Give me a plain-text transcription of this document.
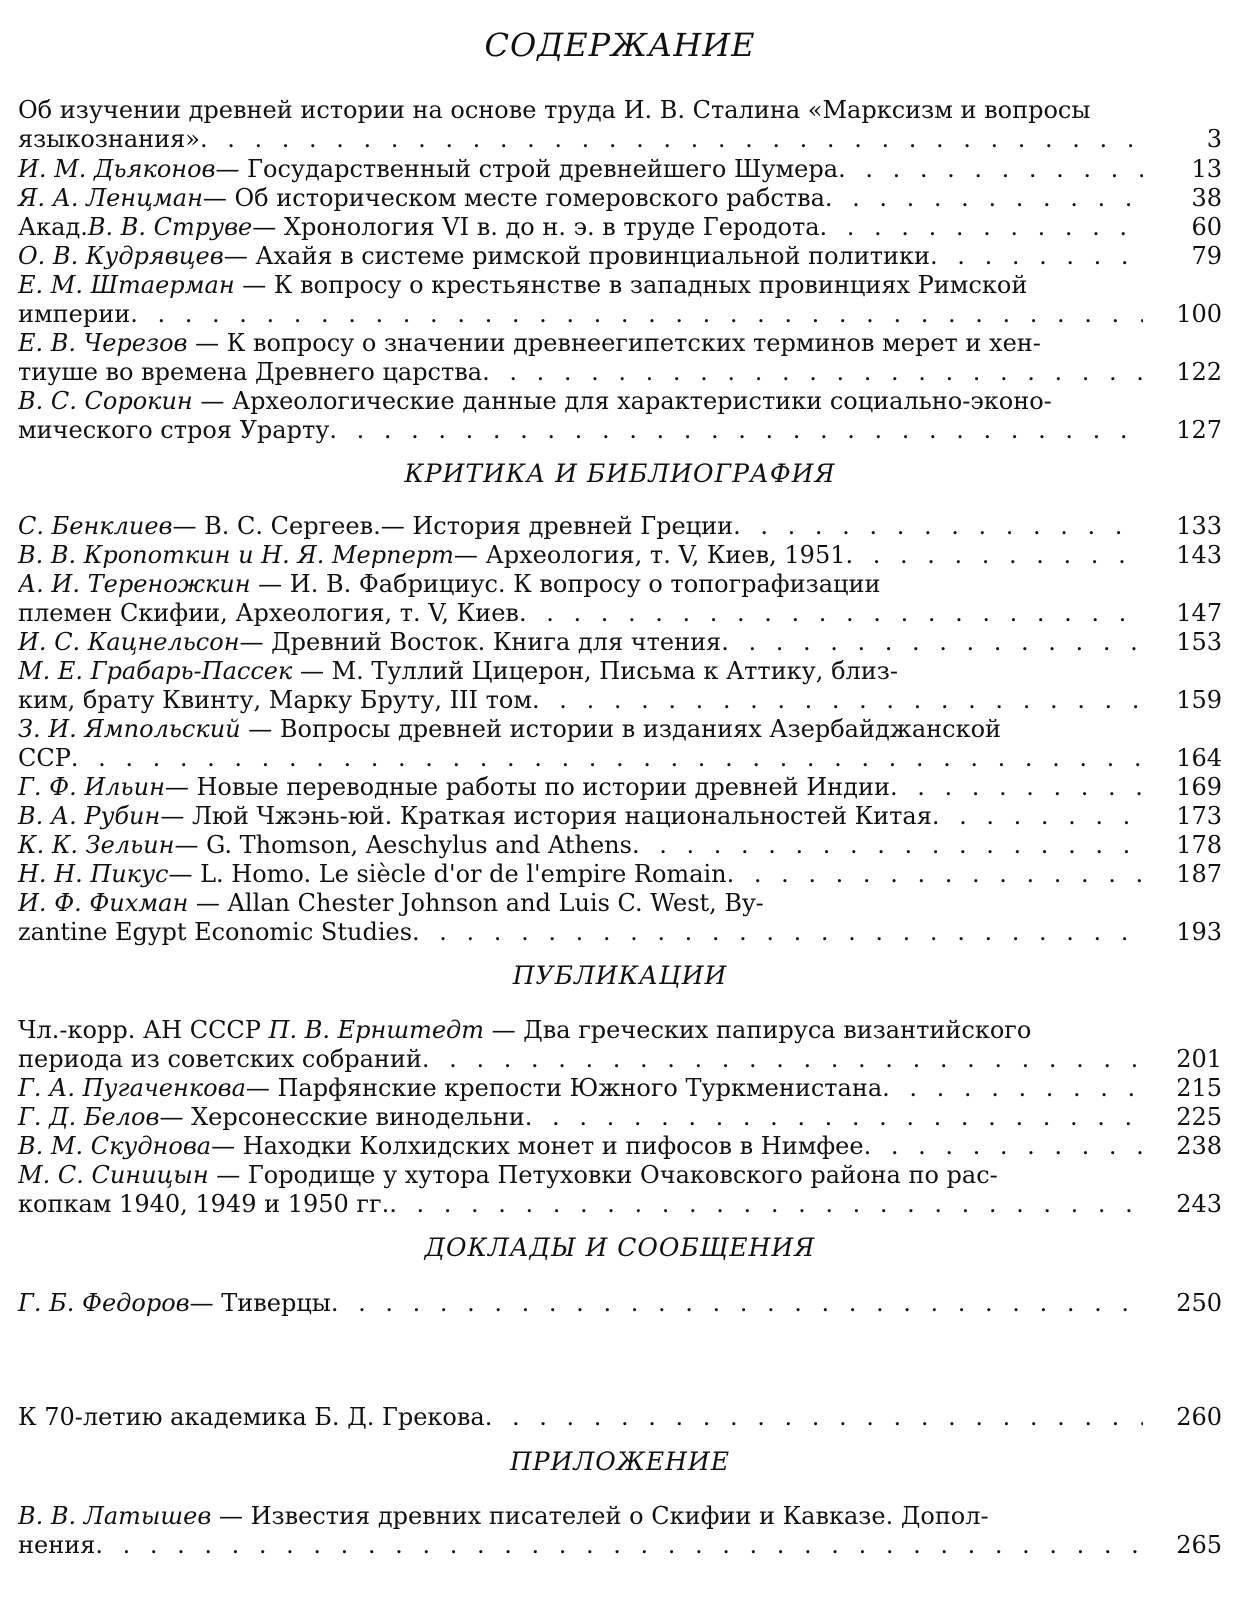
СОДЕРЖАНИЕ
КРИТИКА И БИБЛИОГРАФИЯ
ПУБЛИКАЦИИ
ДОКЛАДЫ И СООБЩЕНИЯ
ПРИЛОЖЕНИЕ
Об изучении древней истории на основе труда И. В. Сталина «Марксизм и вопросы
языкознания» . . .	3
И. М. Дьяконов — Государственный строй древнейшего Шумера . . .	13
Я. А. Ленцман — Об историческом месте гомеровского рабства . . .	38
Акад. В. В. Струве — Хронология VI в. до н. э. в труде Геродота . . .	60
О. В. Кудрявцев — Ахайя в системе римской провинциальной политики . . .	79
Е. М. Штаерман — К вопросу о крестьянстве в западных провинциях Римской
империи . . .	100
Е. В. Черезов — К вопросу о значении древнеегипетских терминов мерет и хен-
тиуше во времена Древнего царства . . .	122
В. С. Сорокин — Археологические данные для характеристики социально-эконо-
мического строя Урарту . . .	127
С. Бенклиев — В. С. Сергеев.— История древней Греции . . .	133
В. В. Кропоткин и Н. Я. Мерперт — Археология, т. V, Киев, 1951 . . .	143
А. И. Тереножкин — И. В. Фабрициус. К вопросу о топографизации
племен Скифии, Археология, т. V, Киев . . .	147
И. С. Кацнельсон — Древний Восток. Книга для чтения . . .	153
М. Е. Грабарь-Пассек — М. Туллий Цицерон, Письма к Аттику, близ-
ким, брату Квинту, Марку Бруту, III том . . .	159
З. И. Ямпольский — Вопросы древней истории в изданиях Азербайджанской
ССР . . .	164
Г. Ф. Ильин — Новые переводные работы по истории древней Индии . . .	169
В. А. Рубин — Люй Чжэнь-юй. Краткая история национальностей Китая . . .	173
К. К. Зельин — G. Thomson, Aeschylus and Athens . . .	178
Н. Н. Пикус — L. Homo. Le siècle d'or de l'empire Romain . . .	187
И. Ф. Фихман — Allan Chester Johnson and Luis C. West, By-
zantine Egypt Economic Studies . . .	193
Чл.-корр. АН СССР П. В. Ернштедт — Два греческих папируса византийского
периода из советских собраний . . .	201
Г. А. Пугаченкова — Парфянские крепости Южного Туркменистана . . .	215
Г. Д. Белов — Херсонесские винодельни . . .	225
В. М. Скуднова — Находки Колхидских монет и пифосов в Нимфее . . .	238
М. С. Синицын — Городище у хутора Петуховки Очаковского района по рас-
копкам 1940, 1949 и 1950 гг. . . .	243
Г. Б. Федоров — Тиверцы . . .	250
К 70-летию академика Б. Д. Грекова . . .	260
В. В. Латышев — Известия древних писателей о Скифии и Кавказе. Допол-
нения . . .	265
